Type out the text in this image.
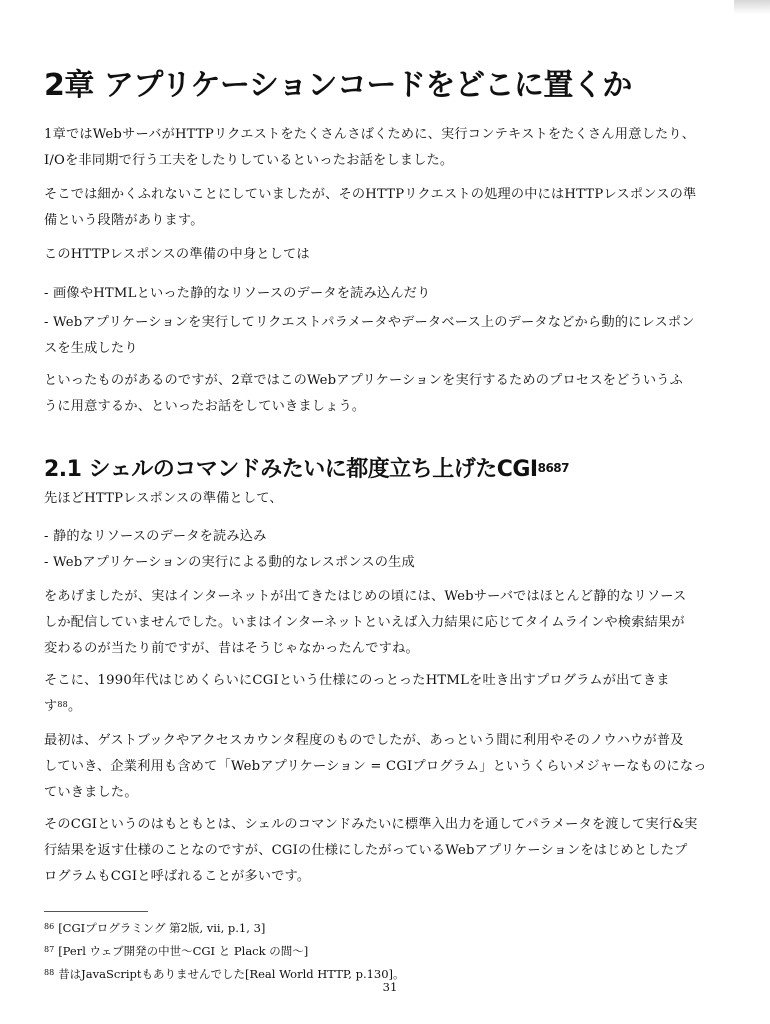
2章 アプリケーションコードをどこに置くか
1章ではWebサーバがHTTPリクエストをたくさんさばくために、実行コンテキストをたくさん用意したり、
I/Oを非同期で行う工夫をしたりしているといったお話をしました。
そこでは細かくふれないことにしていましたが、そのHTTPリクエストの処理の中にはHTTPレスポンスの準
備という段階があります。
このHTTPレスポンスの準備の中身としては
- 画像やHTMLといった静的なリソースのデータを読み込んだり
- Webアプリケーションを実行してリクエストパラメータやデータベース上のデータなどから動的にレスポン
スを生成したり
といったものがあるのですが、2章ではこのWebアプリケーションを実行するためのプロセスをどういうふ
うに用意するか、といったお話をしていきましょう。
2.1 シェルのコマンドみたいに都度立ち上げた$CGI^{8687}$
先ほどHTTPレスポンスの準備として、
- 静的なリソースのデータを読み込み
- Webアプリケーションの実行による動的なレスポンスの生成
をあげましたが、実はインターネットが出てきたはじめの頃には、Webサーバではほとんど静的なリソース
しか配信していませんでした。いまはインターネットといえば入力結果に応じてタイムラインや検索結果が
変わるのが当たり前ですが、昔はそうじゃなかったんですね。
そこに、1990年代はじめくらいにCGIという仕様にのっとったHTMLを吐き出すプログラムが出てきま
す$^{88}$。
最初は、ゲストブックやアクセスカウンタ程度のものでしたが、あっという間に利用やそのノウハウが普及
していき、企業利用も含めて「Webアプリケーション = CGIプログラム」というくらいメジャーなものになっ
ていきました。
そのCGIというのはもともとは、シェルのコマンドみたいに標準入出力を通してパラメータを渡して実行&実
行結果を返す仕様のことなのですが、CGIの仕様にしたがっているWebアプリケーションをはじめとしたプ
ログラムもCGIと呼ばれることが多いです。
$^{86}$ [CGIプログラミング 第2版, vii, p.1, 3]
$^{87}$ [Perl ウェブ開発の中世〜CGI と Plack の間〜]
$^{88}$ 昔はJavaScriptもありませんでした[Real World HTTP, p.130]。
31
